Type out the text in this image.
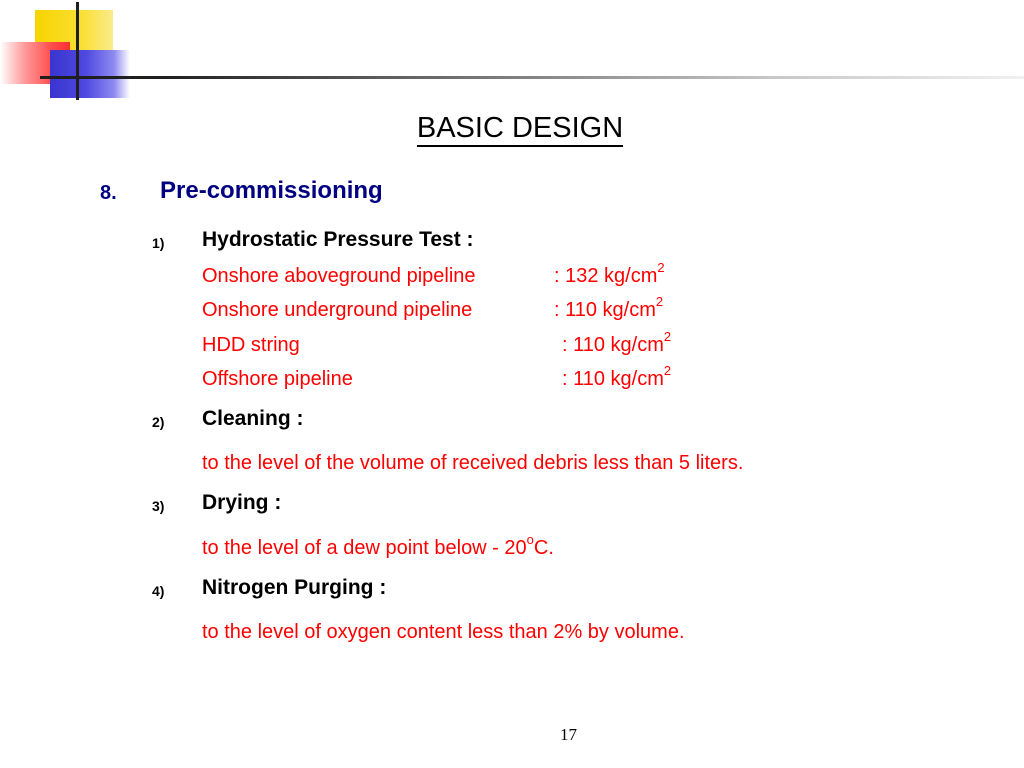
BASIC DESIGN
8. Pre-commissioning
1) Hydrostatic Pressure Test :
Onshore aboveground pipeline	: 132 $kg/cm^2$
Onshore underground pipeline	: 110 $kg/cm^2$
HDD string	: 110 $kg/cm^2$
Offshore pipeline	: 110 $kg/cm^2$
2) Cleaning :
to the level of the volume of received debris less than 5 liters.
3) Drying :
to the level of a dew point below - 20$^o$C.
4) Nitrogen Purging :
to the level of oxygen content less than 2% by volume.
17
